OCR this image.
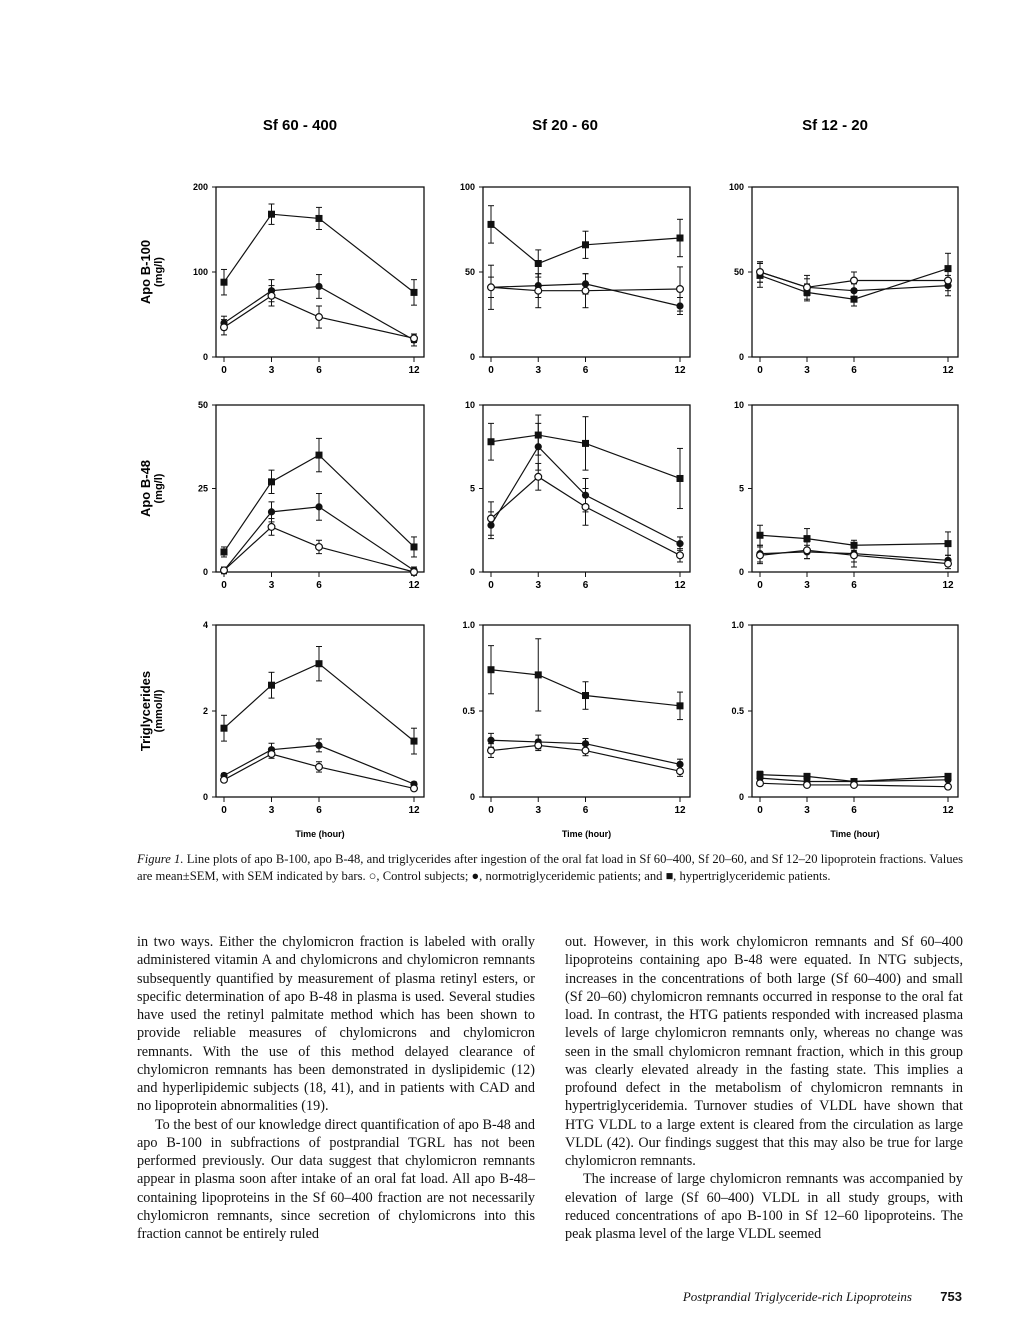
Sf 60 - 400	Sf 20 - 60	Sf 12 - 20
Apo B-100 (mg/l)
Apo B-48 (mg/l)
Triglycerides (mmol/l)
0
100
200
0	3	6	12
0
50
100
0	3	6	12
0
50
100
0	3	6	12
0
25
50
0	3	6	12
0
5
10
0	3	6	12
0
5
10
0	3	6	12
0
2
4
0	3	6	12
Time (hour)
0
0.5
1.0
0	3	6	12
Time (hour)
0
0.5
1.0
0	3	6	12
Time (hour)
Figure 1. Line plots of apo B-100, apo B-48, and triglycerides after ingestion of the oral fat load in Sf 60–400, Sf 20–60, and Sf 12–20 lipoprotein fractions. Values are mean±SEM, with SEM indicated by bars. ○, Control subjects; ●, normotriglyceridemic patients; and ■, hypertriglyceridemic patients.

in two ways. Either the chylomicron fraction is labeled with orally administered vitamin A and chylomicrons and chylomicron remnants subsequently quantified by measurement of plasma retinyl esters, or specific determination of apo B-48 in plasma is used. Several studies have used the retinyl palmitate method which has been shown to provide reliable measures of chylomicrons and chylomicron remnants. With the use of this method delayed clearance of chylomicron remnants has been demonstrated in dyslipidemic (12) and hyperlipidemic subjects (18, 41), and in patients with CAD and no lipoprotein abnormalities (19).

To the best of our knowledge direct quantification of apo B-48 and apo B-100 in subfractions of postprandial TGRL has not been performed previously. Our data suggest that chylomicron remnants appear in plasma soon after intake of an oral fat load. All apo B-48–containing lipoproteins in the Sf 60–400 fraction are not necessarily chylomicron remnants, since secretion of chylomicrons into this fraction cannot be entirely ruled

out. However, in this work chylomicron remnants and Sf 60–400 lipoproteins containing apo B-48 were equated. In NTG subjects, increases in the concentrations of both large (Sf 60–400) and small (Sf 20–60) chylomicron remnants occurred in response to the oral fat load. In contrast, the HTG patients responded with increased plasma levels of large chylomicron remnants only, whereas no change was seen in the small chylomicron remnant fraction, which in this group was clearly elevated already in the fasting state. This implies a profound defect in the metabolism of chylomicron remnants in hypertriglyceridemia. Turnover studies of VLDL have shown that HTG VLDL to a large extent is cleared from the circulation as large VLDL (42). Our findings suggest that this may also be true for large chylomicron remnants.

The increase of large chylomicron remnants was accompanied by elevation of large (Sf 60–400) VLDL in all study groups, with reduced concentrations of apo B-100 in Sf 12–60 lipoproteins. The peak plasma level of the large VLDL seemed

Postprandial Triglyceride-rich Lipoproteins 753
